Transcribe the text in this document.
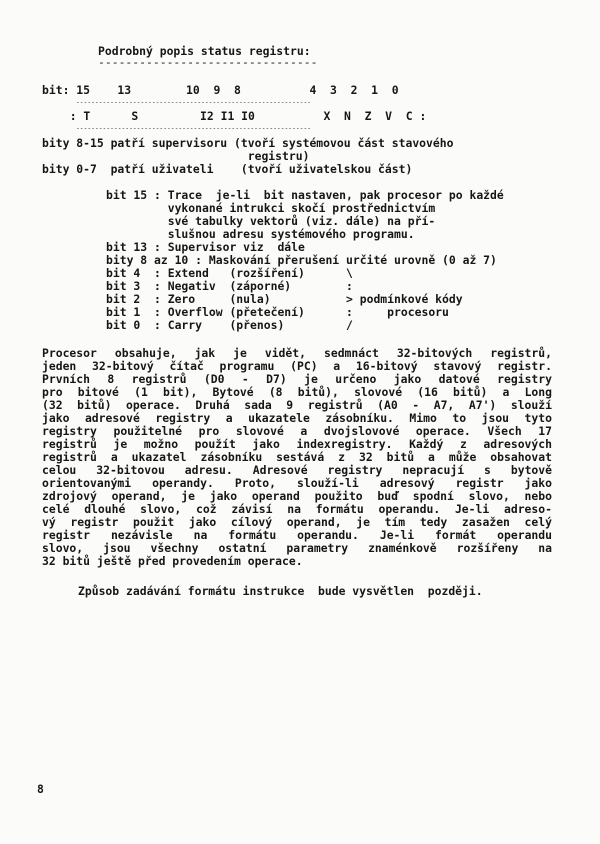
Podrobný popis status registru:
--------------------------------
bit: 15    13        10  9  8          4  3  2  1  0
--------------------------------------------------------------
: T      S         I2 I1 I0          X  N  Z  V  C :
--------------------------------------------------------------
bity 8-15 patří supervisoru (tvoří systémovou část stavového
registru)
bity 0-7  patří uživateli    (tvoří uživatelskou část)
bit 15 : Trace  je-li  bit nastaven, pak procesor po každé
vykonané intrukci skočí prostřednictvím
své tabulky vektorů (viz. dále) na pří-
slušnou adresu systémového programu.
bit 13 : Supervisor viz  dále
bity 8 az 10 : Maskování přerušení určité urovně (0 až 7)
bit 4  : Extend   (rozšíření)      \
bit 3  : Negativ  (záporné)        :
bit 2  : Zero     (nula)           > podmínkové kódy
bit 1  : Overflow (přetečení)      :     procesoru
bit 0  : Carry    (přenos)         /
Procesor obsahuje, jak je vidět, sedmnáct 32-bitových registrů,
jeden 32-bitový čítač programu (PC) a 16-bitový stavový registr.
Prvních 8 registrů (D0 - D7) je určeno jako datové registry
pro bitové (1 bit), Bytové (8 bitů), slovové (16 bitů) a Long
(32 bitů) operace. Druhá sada 9 registrů (A0 - A7, A7') slouží
jako adresové registry a ukazatele zásobníku. Mimo to jsou tyto
registry použitelné pro slovové a dvojslovové operace. Všech 17
registrů je možno použít jako indexregistry. Každý z adresových
registrů a ukazatel zásobníku sestává z 32 bitů a může obsahovat
celou 32-bitovou adresu. Adresové registry nepracují s bytově
orientovanými operandy. Proto, slouží-li adresový registr jako
zdrojový operand, je jako operand použito buď spodní slovo, nebo
celé dlouhé slovo, což závisí na formátu operandu. Je-li adreso-
vý registr použit jako cílový operand, je tím tedy zasažen celý
registr nezávisle na formátu operandu. Je-li formát operandu
slovo, jsou všechny ostatní parametry znaménkově rozšířeny na
32 bitů ještě před provedením operace.
Způsob zadávání formátu instrukce  bude vysvětlen  později.
8
